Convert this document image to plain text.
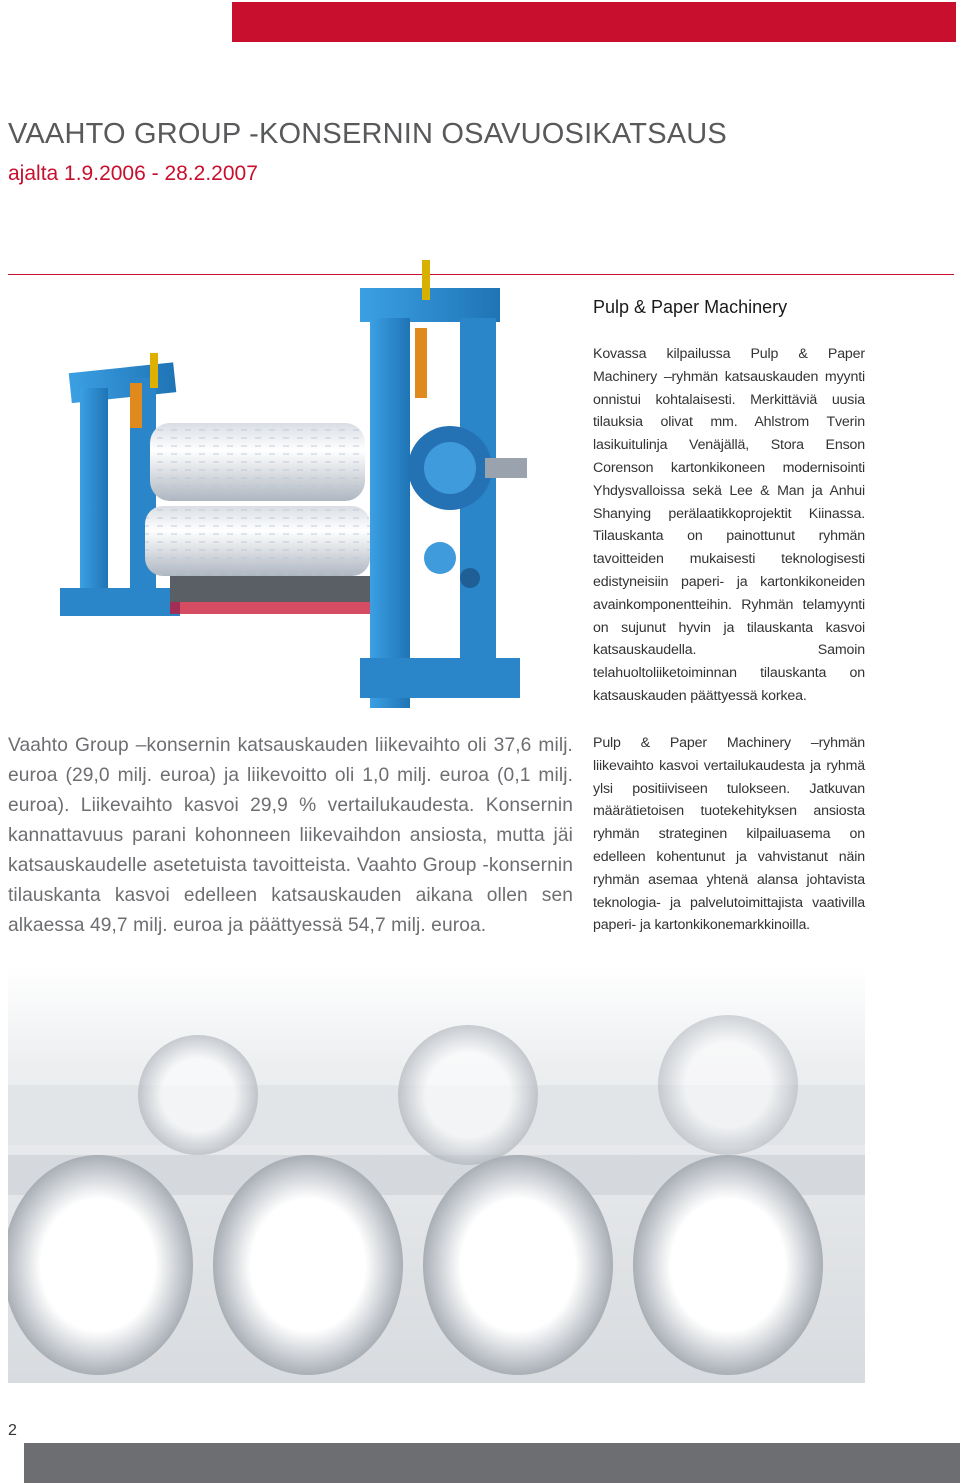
VAAHTO GROUP -KONSERNIN OSAVUOSIKATSAUS
ajalta 1.9.2006 - 28.2.2007
Pulp & Paper Machinery

Kovassa kilpailussa Pulp & Paper Machinery –ryhmän katsauskauden myynti onnistui kohtalaisesti. Merkittäviä uusia tilauksia olivat mm. Ahlstrom Tverin lasikuitulinja Venäjällä, Stora Enson Corenson kartonkikoneen modernisointi Yhdysvalloissa sekä Lee & Man ja Anhui Shanying perälaatikkoprojektit Kiinassa. Tilauskanta on painottunut ryhmän tavoitteiden mukaisesti teknologisesti edistyneisiin paperi- ja kartonkikoneiden avainkomponentteihin. Ryhmän telamyynti on sujunut hyvin ja tilauskanta kasvoi katsauskaudella. Samoin telahuoltoliiketoiminnan tilauskanta on katsauskauden päättyessä korkea.

Pulp & Paper Machinery –ryhmän liikevaihto kasvoi vertailukaudesta ja ryhmä ylsi positiiviseen tulokseen. Jatkuvan määrätietoisen tuotekehityksen ansiosta ryhmän strateginen kilpailuasema on edelleen kohentunut ja vahvistanut näin ryhmän asemaa yhtenä alansa johtavista teknologia- ja palvelutoimittajista vaativilla paperi- ja kartonkikonemarkkinoilla.

Vaahto Group –konsernin katsauskauden liikevaihto oli 37,6 milj. euroa (29,0 milj. euroa) ja liikevoitto oli 1,0 milj. euroa (0,1 milj. euroa). Liikevaihto kasvoi 29,9 % vertailukaudesta. Konsernin kannattavuus parani kohonneen liikevaihdon ansiosta, mutta jäi katsauskaudelle asetetuista tavoitteista. Vaahto Group -konsernin tilauskanta kasvoi edelleen katsauskauden aikana ollen sen alkaessa 49,7 milj. euroa ja päättyessä 54,7 milj. euroa.

2
